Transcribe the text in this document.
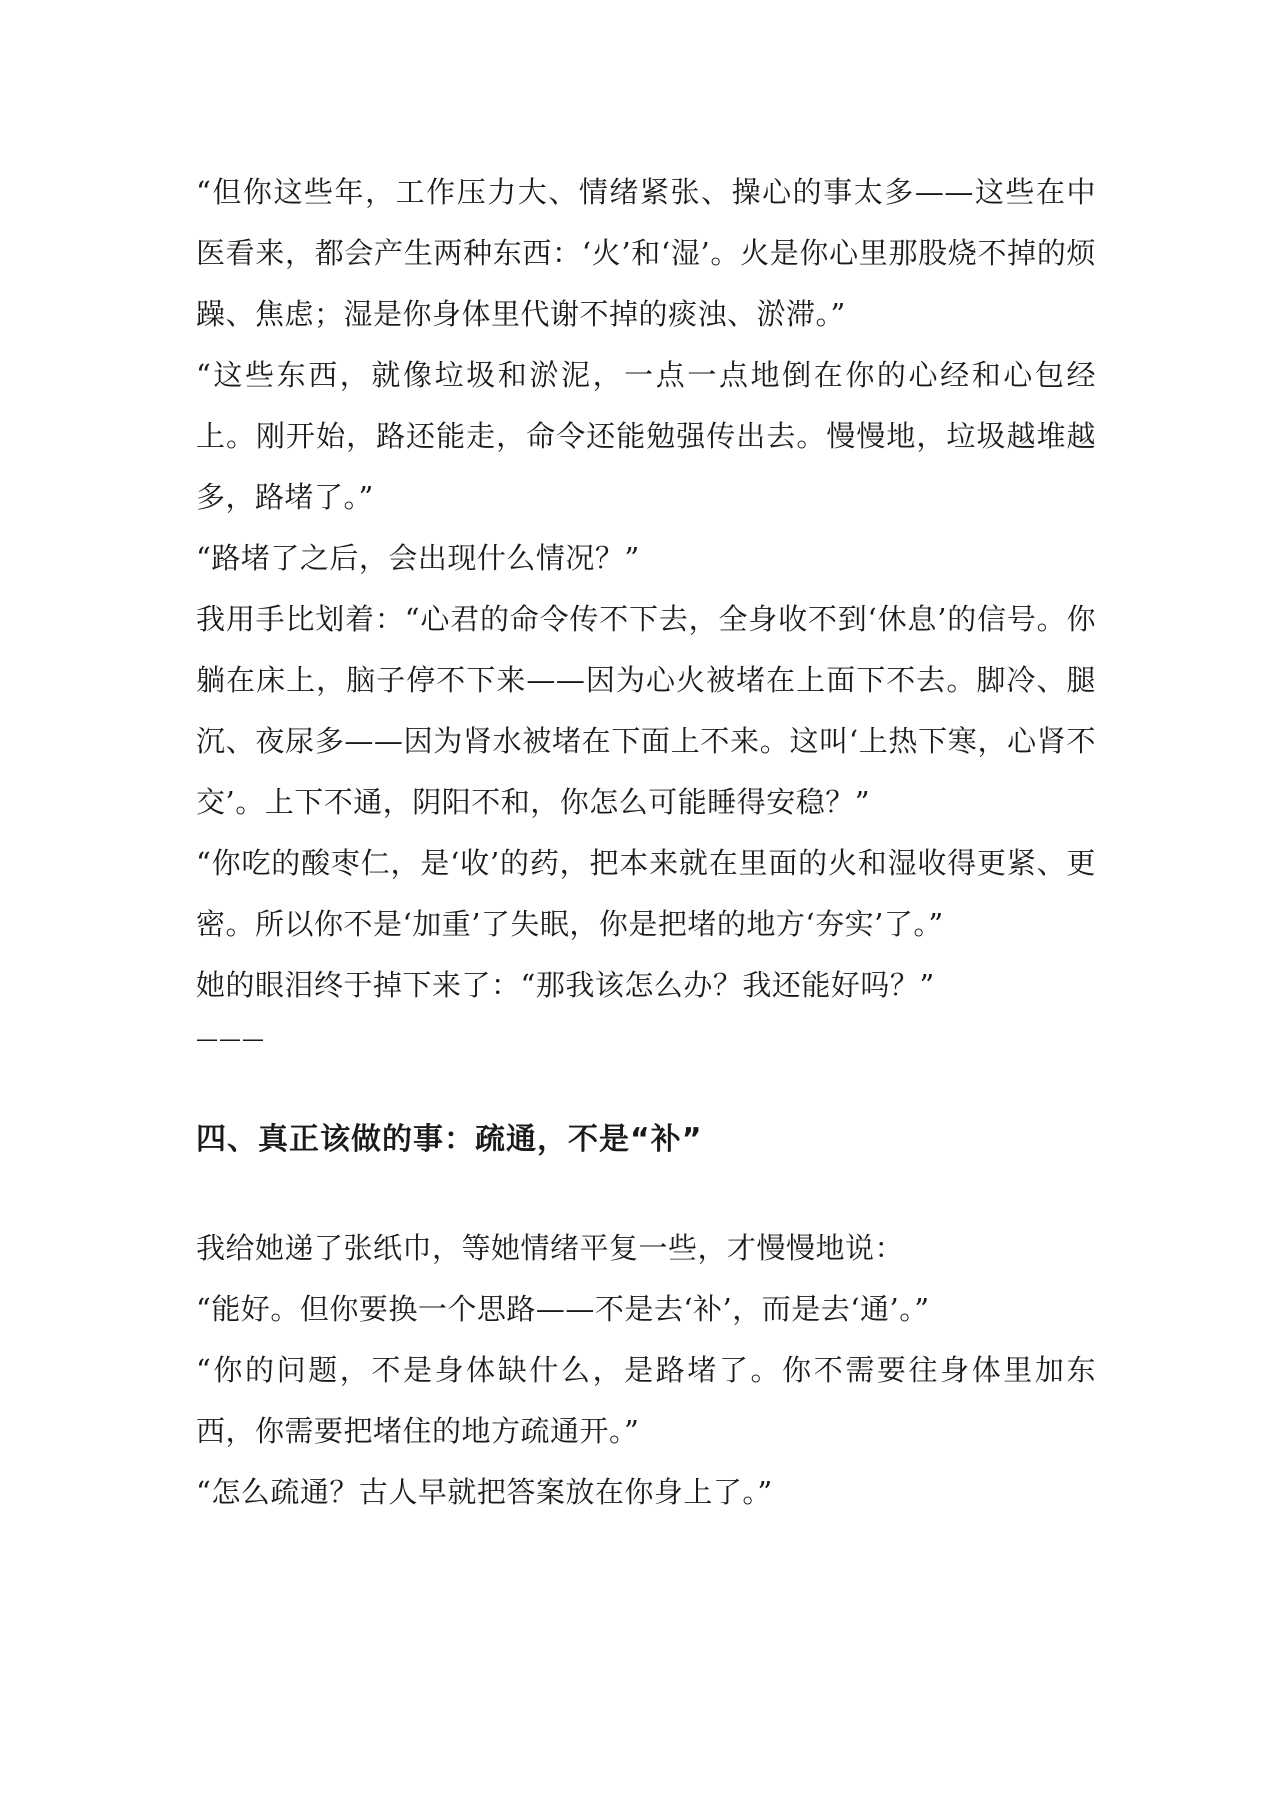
“但你这些年，工作压力大、情绪紧张、操心的事太多——这些在中医看来，都会产生两种东西：‘火’和‘湿’。火是你心里那股烧不掉的烦躁、焦虑；湿是你身体里代谢不掉的痰浊、淤滞。”

“这些东西，就像垃圾和淤泥，一点一点地倒在你的心经和心包经上。刚开始，路还能走，命令还能勉强传出去。慢慢地，垃圾越堆越多，路堵了。”

“路堵了之后，会出现什么情况？”

我用手比划着：“心君的命令传不下去，全身收不到‘休息’的信号。你躺在床上，脑子停不下来——因为心火被堵在上面下不去。脚冷、腿沉、夜尿多——因为肾水被堵在下面上不来。这叫‘上热下寒，心肾不交’。上下不通，阴阳不和，你怎么可能睡得安稳？”

“你吃的酸枣仁，是‘收’的药，把本来就在里面的火和湿收得更紧、更密。所以你不是‘加重’了失眠，你是把堵的地方‘夯实’了。”

她的眼泪终于掉下来了：“那我该怎么办？我还能好吗？”

———
四、真正该做的事：疏通，不是“补”

我给她递了张纸巾，等她情绪平复一些，才慢慢地说：

“能好。但你要换一个思路——不是去‘补’，而是去‘通’。”

“你的问题，不是身体缺什么，是路堵了。你不需要往身体里加东西，你需要把堵住的地方疏通开。”

“怎么疏通？古人早就把答案放在你身上了。”
